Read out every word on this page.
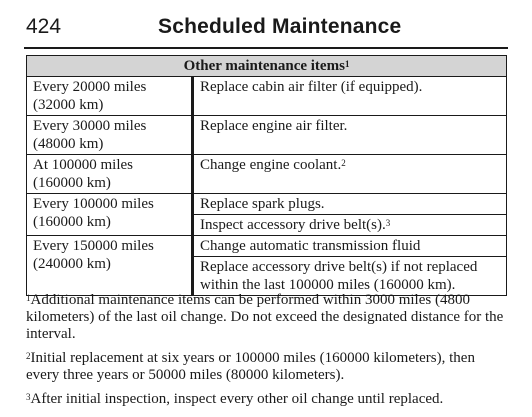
424	Scheduled Maintenance
Other maintenance items$^1$

Every 20000 miles
(32000 km)	Replace cabin air filter (if equipped).

Every 30000 miles
(48000 km)	Replace engine air filter.

At 100000 miles
(160000 km)	Change engine coolant.$^2$

Every 100000 miles
(160000 km)	Replace spark plugs.
	Inspect accessory drive belt(s).$^3$

Every 150000 miles
(240000 km)	Change automatic transmission fluid
	Replace accessory drive belt(s) if not replaced within the last 100000 miles (160000 km).

$^1$Additional maintenance items can be performed within 3000 miles (4800 kilometers) of the last oil change. Do not exceed the designated distance for the interval.

$^2$Initial replacement at six years or 100000 miles (160000 kilometers), then every three years or 50000 miles (80000 kilometers).

$^3$After initial inspection, inspect every other oil change until replaced.
